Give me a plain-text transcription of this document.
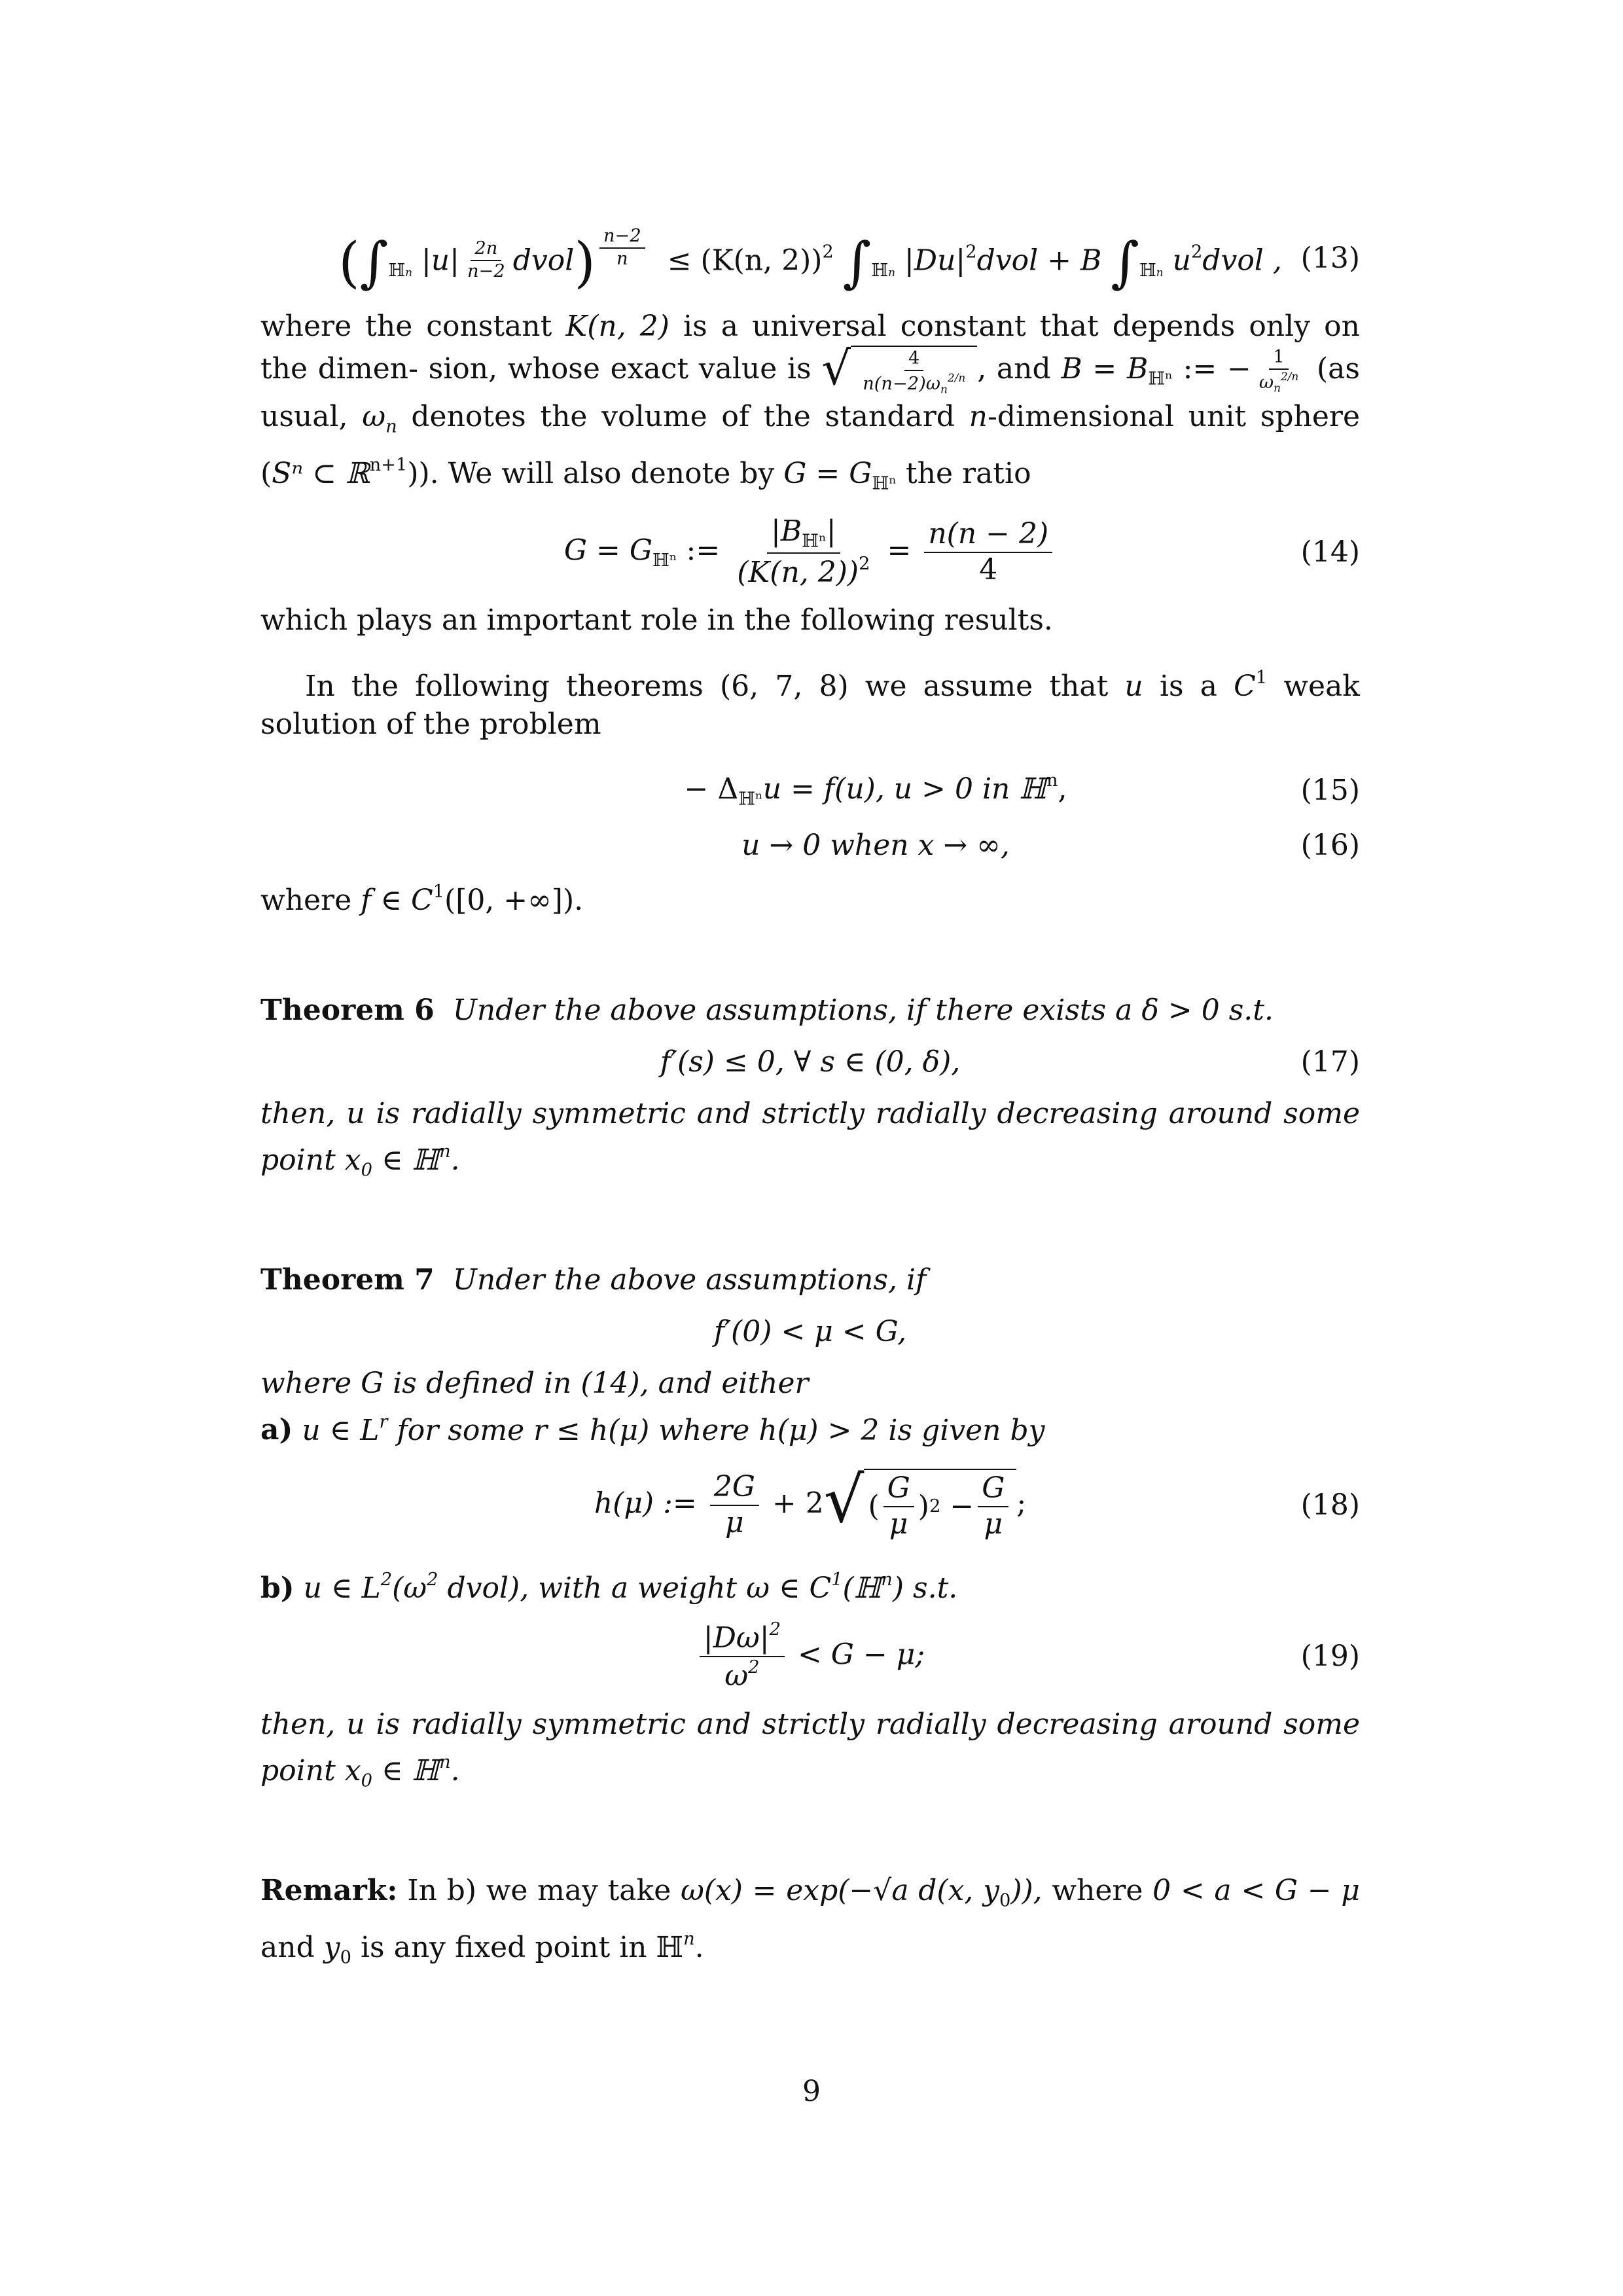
($\int_{ℍn}$ $|u| \frac{2n}{n-2}$ dvol) $\frac{n-2}{n} \le (K(n$, 2))$^2$ $\int_{ℍn}$ $|Du|^2dvol + B$ $\int_{ℍn}$ $u^2dvol$ , (13)

where the constant K(n, 2) is a universal constant that depends only on the dimen- sion, whose exact value is √ $\frac{4}{n(n-2)\omega_n^{2/n}}$ , and $B = B_{ℍ^n}$ := − $\frac{1}{\omega_n^{2/n}} (as$ usual, $\omega_n$ denotes the volume of the standard n-dimensional unit sphere (Sⁿ ⊂ ℝ$^{n+1}$)). We will also denote by $G = G_{ℍ^n}$ the ratio

$G = G_{ℍ^n}$ := $\frac{|B_{ℍ^n}|}{(K(n, 2))^2} = \frac{n(n - 2)}{4}$	(14)

which plays an important role in the following results.

In the following theorems (6, 7, 8) we assume that u is a $C^1$ weak solution of the problem

− $\Delta_{ℍ^n}u = f(u)$, u > 0 in ℍ$^n$,	(15)
u → 0 when x → ∞,	(16)

where f ∈ $C^1([0$, +∞]).

Theorem 6 Under the above assumptions, if there exists a δ > 0 s.t.

f′(s) ≤ 0, ∀ s ∈ (0, δ),	(17)

then, u is radially symmetric and strictly radially decreasing around some point $x_0$ ∈ ℍ$^n$.

Theorem 7 Under the above assumptions, if

f′(0) < μ < G,

where G is defined in (14), and either

a) u ∈ $L^r$ for some r ≤ h(μ) where h(μ) > 2 is given by

h(μ) := $\frac{2G}{\mu} + 2$ √ ( $\frac{G}{\mu}$ ) 2
− $\frac{G}{\mu}$ ;	(18)

b) u ∈ $L^2(\omega^2$ dvol), with a weight ω ∈ $C^1(ℍ^n)$ s.t.

$\frac{|D\omega|^2}{\omega^2} < G - \mu$;	(19)

then, u is radially symmetric and strictly radially decreasing around some point $x_0$ ∈ ℍ$^n$.

Remark: In b) we may take ω(x) = exp(−√a d(x, $y_0$)), where 0 < a < G − μ and $y_0$ is any fixed point in ℍ$^n$.

9
